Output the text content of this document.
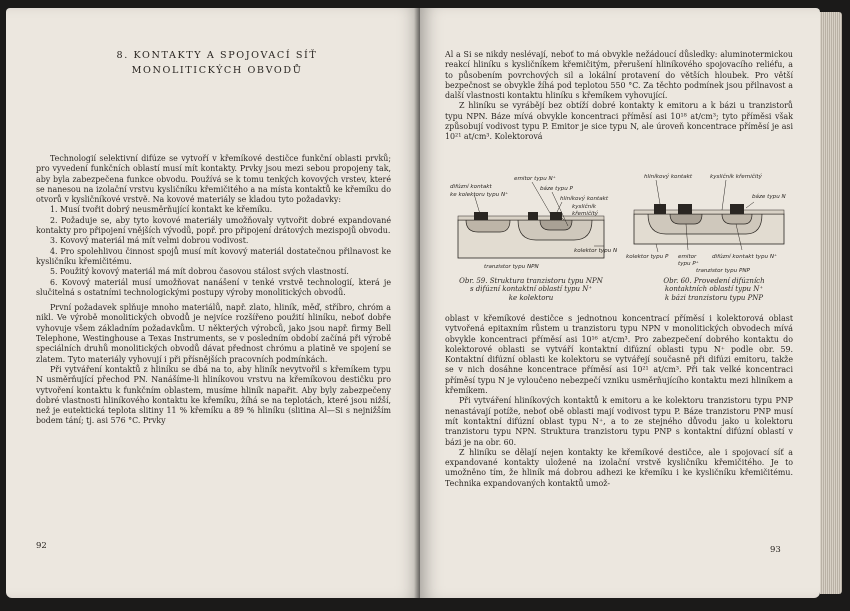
8. KONTAKTY A SPOJOVACÍ SÍŤ
MONOLITICKÝCH OBVODŮ

Technologií selektivní difúze se vytvoří v křemíkové destičce funkční oblasti prvků; pro vyvedení funkčních oblastí musí mít kontakty. Prvky jsou mezi sebou propojeny tak, aby byla zabezpečena funkce obvodu. Používá se k tomu tenkých kovových vrstev, které se nanesou na izolační vrstvu kysličníku křemičitého a na místa kontaktů ke křemíku do otvorů v kysličníkové vrstvě. Na kovové materiály se kladou tyto požadavky:

1. Musí tvořit dobrý neusměrňující kontakt ke křemíku.

2. Požaduje se, aby tyto kovové materiály umožňovaly vytvořit dobré expandované kontakty pro připojení vnějších vývodů, popř. pro připojení drátových mezispojů obvodu.

3. Kovový materiál má mít velmi dobrou vodivost.

4. Pro spolehlivou činnost spojů musí mít kovový materiál dostatečnou přilnavost ke kysličníku křemičitému.

5. Použitý kovový materiál má mít dobrou časovou stálost svých vlastností.

6. Kovový materiál musí umožňovat nanášení v tenké vrstvě technologií, která je slučitelná s ostatními technologickými postupy výroby monolitických obvodů.

První požadavek splňuje mnoho materiálů, např. zlato, hliník, měď, stříbro, chróm a nikl. Ve výrobě monolitických obvodů je nejvíce rozšířeno použití hliníku, neboť dobře vyhovuje všem základním požadavkům. U některých výrobců, jako jsou např. firmy Bell Telephone, Westinghouse a Texas Instruments, se v posledním období začíná při výrobě speciálních druhů monolitických obvodů dávat přednost chrómu a platině ve spojení se zlatem. Tyto materiály vyhovují i při přísnějších pracovních podmínkách.

Při vytváření kontaktů z hliníku se dbá na to, aby hliník nevytvořil s křemíkem typu N usměrňující přechod PN. Nanášíme-li hliníkovou vrstvu na křemíkovou destičku pro vytvoření kontaktu k funkčním oblastem, musíme hliník napařit. Aby byly zabezpečeny dobré vlastnosti hliníkového kontaktu ke křemíku, žíhá se na teplotách, které jsou nižší, než je eutektická teplota slitiny 11 % křemíku a 89 % hliníku (slitina Al—Si s nejnižším bodem tání; tj. asi 576 °C. Prvky

92

Al a Si se nikdy neslévají, neboť to má obvykle nežádoucí důsledky: aluminotermickou reakcí hliníku s kysličníkem křemičitým, přerušení hliníkového spojovacího reliéfu, a to působením povrchových sil a lokální protavení do větších hloubek. Pro větší bezpečnost se obvykle žíhá pod teplotou 550 °C. Za těchto podmínek jsou přilnavost a další vlastnosti kontaktu hliníku s křemíkem vyhovující.

Z hliníku se vyrábějí bez obtíží dobré kontakty k emitoru a k bázi u tranzistorů typu NPN. Báze mívá obvykle koncentraci příměsí asi 10¹⁸ at/cm³; tyto příměsi však způsobují vodivost typu P. Emitor je sice typu N, ale úroveň koncentrace příměsí je asi 10²¹ at/cm³. Kolektorová

difúzní kontakt
ke kolektoru typu N⁺
emitor typu N⁺
báze typu P
hliníkový kontakt
kysličník
křemičitý
kolektor typu N
tranzistor typu NPN
Obr. 59. Struktura tranzistoru typu NPN
s difúzní kontaktní oblastí typu N⁺
ke kolektoru
hliníkový kontakt	kysličník křemičitý
báze typu N
kolektor typu P emitor
typu P⁺
difúzní kontakt typu N⁺
tranzistor typu PNP
Obr. 60. Provedení difúzních
kontaktních oblastí typu N⁺
k bázi tranzistoru typu PNP

oblast v křemíkové destičce s jednotnou koncentrací příměsí i kolektorová oblast vytvořená epitaxním růstem u tranzistoru typu NPN v monolitických obvodech mívá obvykle koncentraci příměsí asi 10¹⁶ at/cm³. Pro zabezpečení dobrého kontaktu do kolektorové oblasti se vytváří kontaktní difúzní oblasti typu N⁺ podle obr. 59. Kontaktní difúzní oblasti ke kolektoru se vytvářejí současně při difúzi emitoru, takže se v nich dosáhne koncentrace příměsí asi 10²¹ at/cm³. Při tak velké koncentraci příměsí typu N je vyloučeno nebezpečí vzniku usměrňujícího kontaktu mezi hliníkem a křemíkem.

Při vytváření hliníkových kontaktů k emitoru a ke kolektoru tranzistoru typu PNP nenastávají potíže, neboť obě oblasti mají vodivost typu P. Báze tranzistoru PNP musí mít kontaktní difúzní oblast typu N⁺, a to ze stejného důvodu jako u kolektoru tranzistoru typu NPN. Struktura tranzistoru typu PNP s kontaktní difúzní oblastí v bázi je na obr. 60.

Z hliníku se dělají nejen kontakty ke křemíkové destičce, ale i spojovací síť a expandované kontakty uložené na izolační vrstvě kysličníku křemičitého. Je to umožněno tím, že hliník má dobrou adhezi ke křemíku i ke kysličníku křemičitému. Technika expandovaných kontaktů umož-

93
